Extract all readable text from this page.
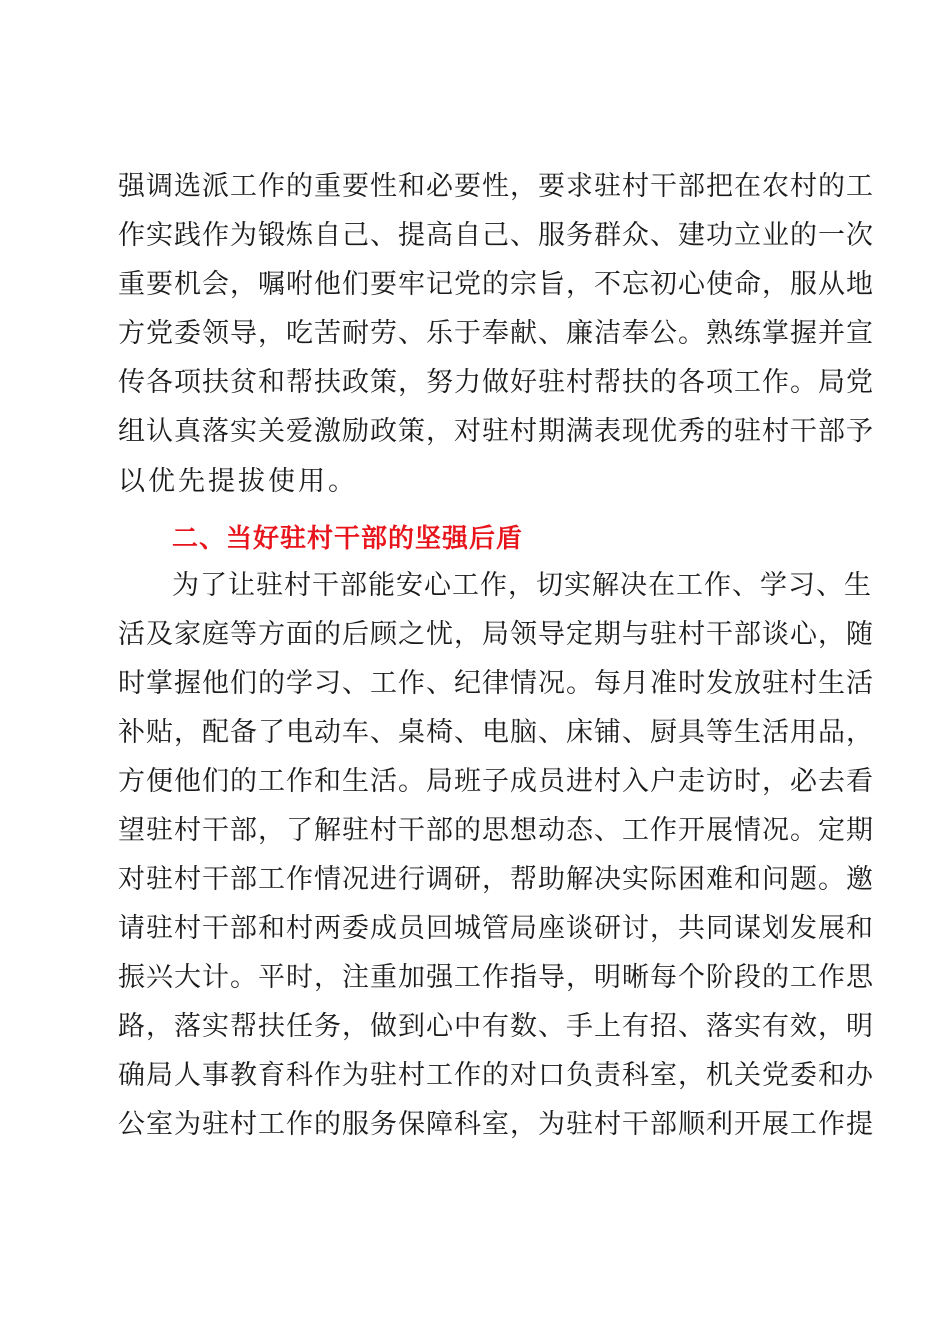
强调选派工作的重要性和必要性，要求驻村干部把在农村的工
作实践作为锻炼自己、提高自己、服务群众、建功立业的一次
重要机会，嘱咐他们要牢记党的宗旨，不忘初心使命，服从地
方党委领导，吃苦耐劳、乐于奉献、廉洁奉公。熟练掌握并宣
传各项扶贫和帮扶政策，努力做好驻村帮扶的各项工作。局党
组认真落实关爱激励政策，对驻村期满表现优秀的驻村干部予
以优先提拔使用。
二、当好驻村干部的坚强后盾
为了让驻村干部能安心工作，切实解决在工作、学习、生
活及家庭等方面的后顾之忧，局领导定期与驻村干部谈心，随
时掌握他们的学习、工作、纪律情况。每月准时发放驻村生活
补贴，配备了电动车、桌椅、电脑、床铺、厨具等生活用品，
方便他们的工作和生活。局班子成员进村入户走访时，必去看
望驻村干部，了解驻村干部的思想动态、工作开展情况。定期
对驻村干部工作情况进行调研，帮助解决实际困难和问题。邀
请驻村干部和村两委成员回城管局座谈研讨，共同谋划发展和
振兴大计。平时，注重加强工作指导，明晰每个阶段的工作思
路，落实帮扶任务，做到心中有数、手上有招、落实有效，明
确局人事教育科作为驻村工作的对口负责科室，机关党委和办
公室为驻村工作的服务保障科室，为驻村干部顺利开展工作提
